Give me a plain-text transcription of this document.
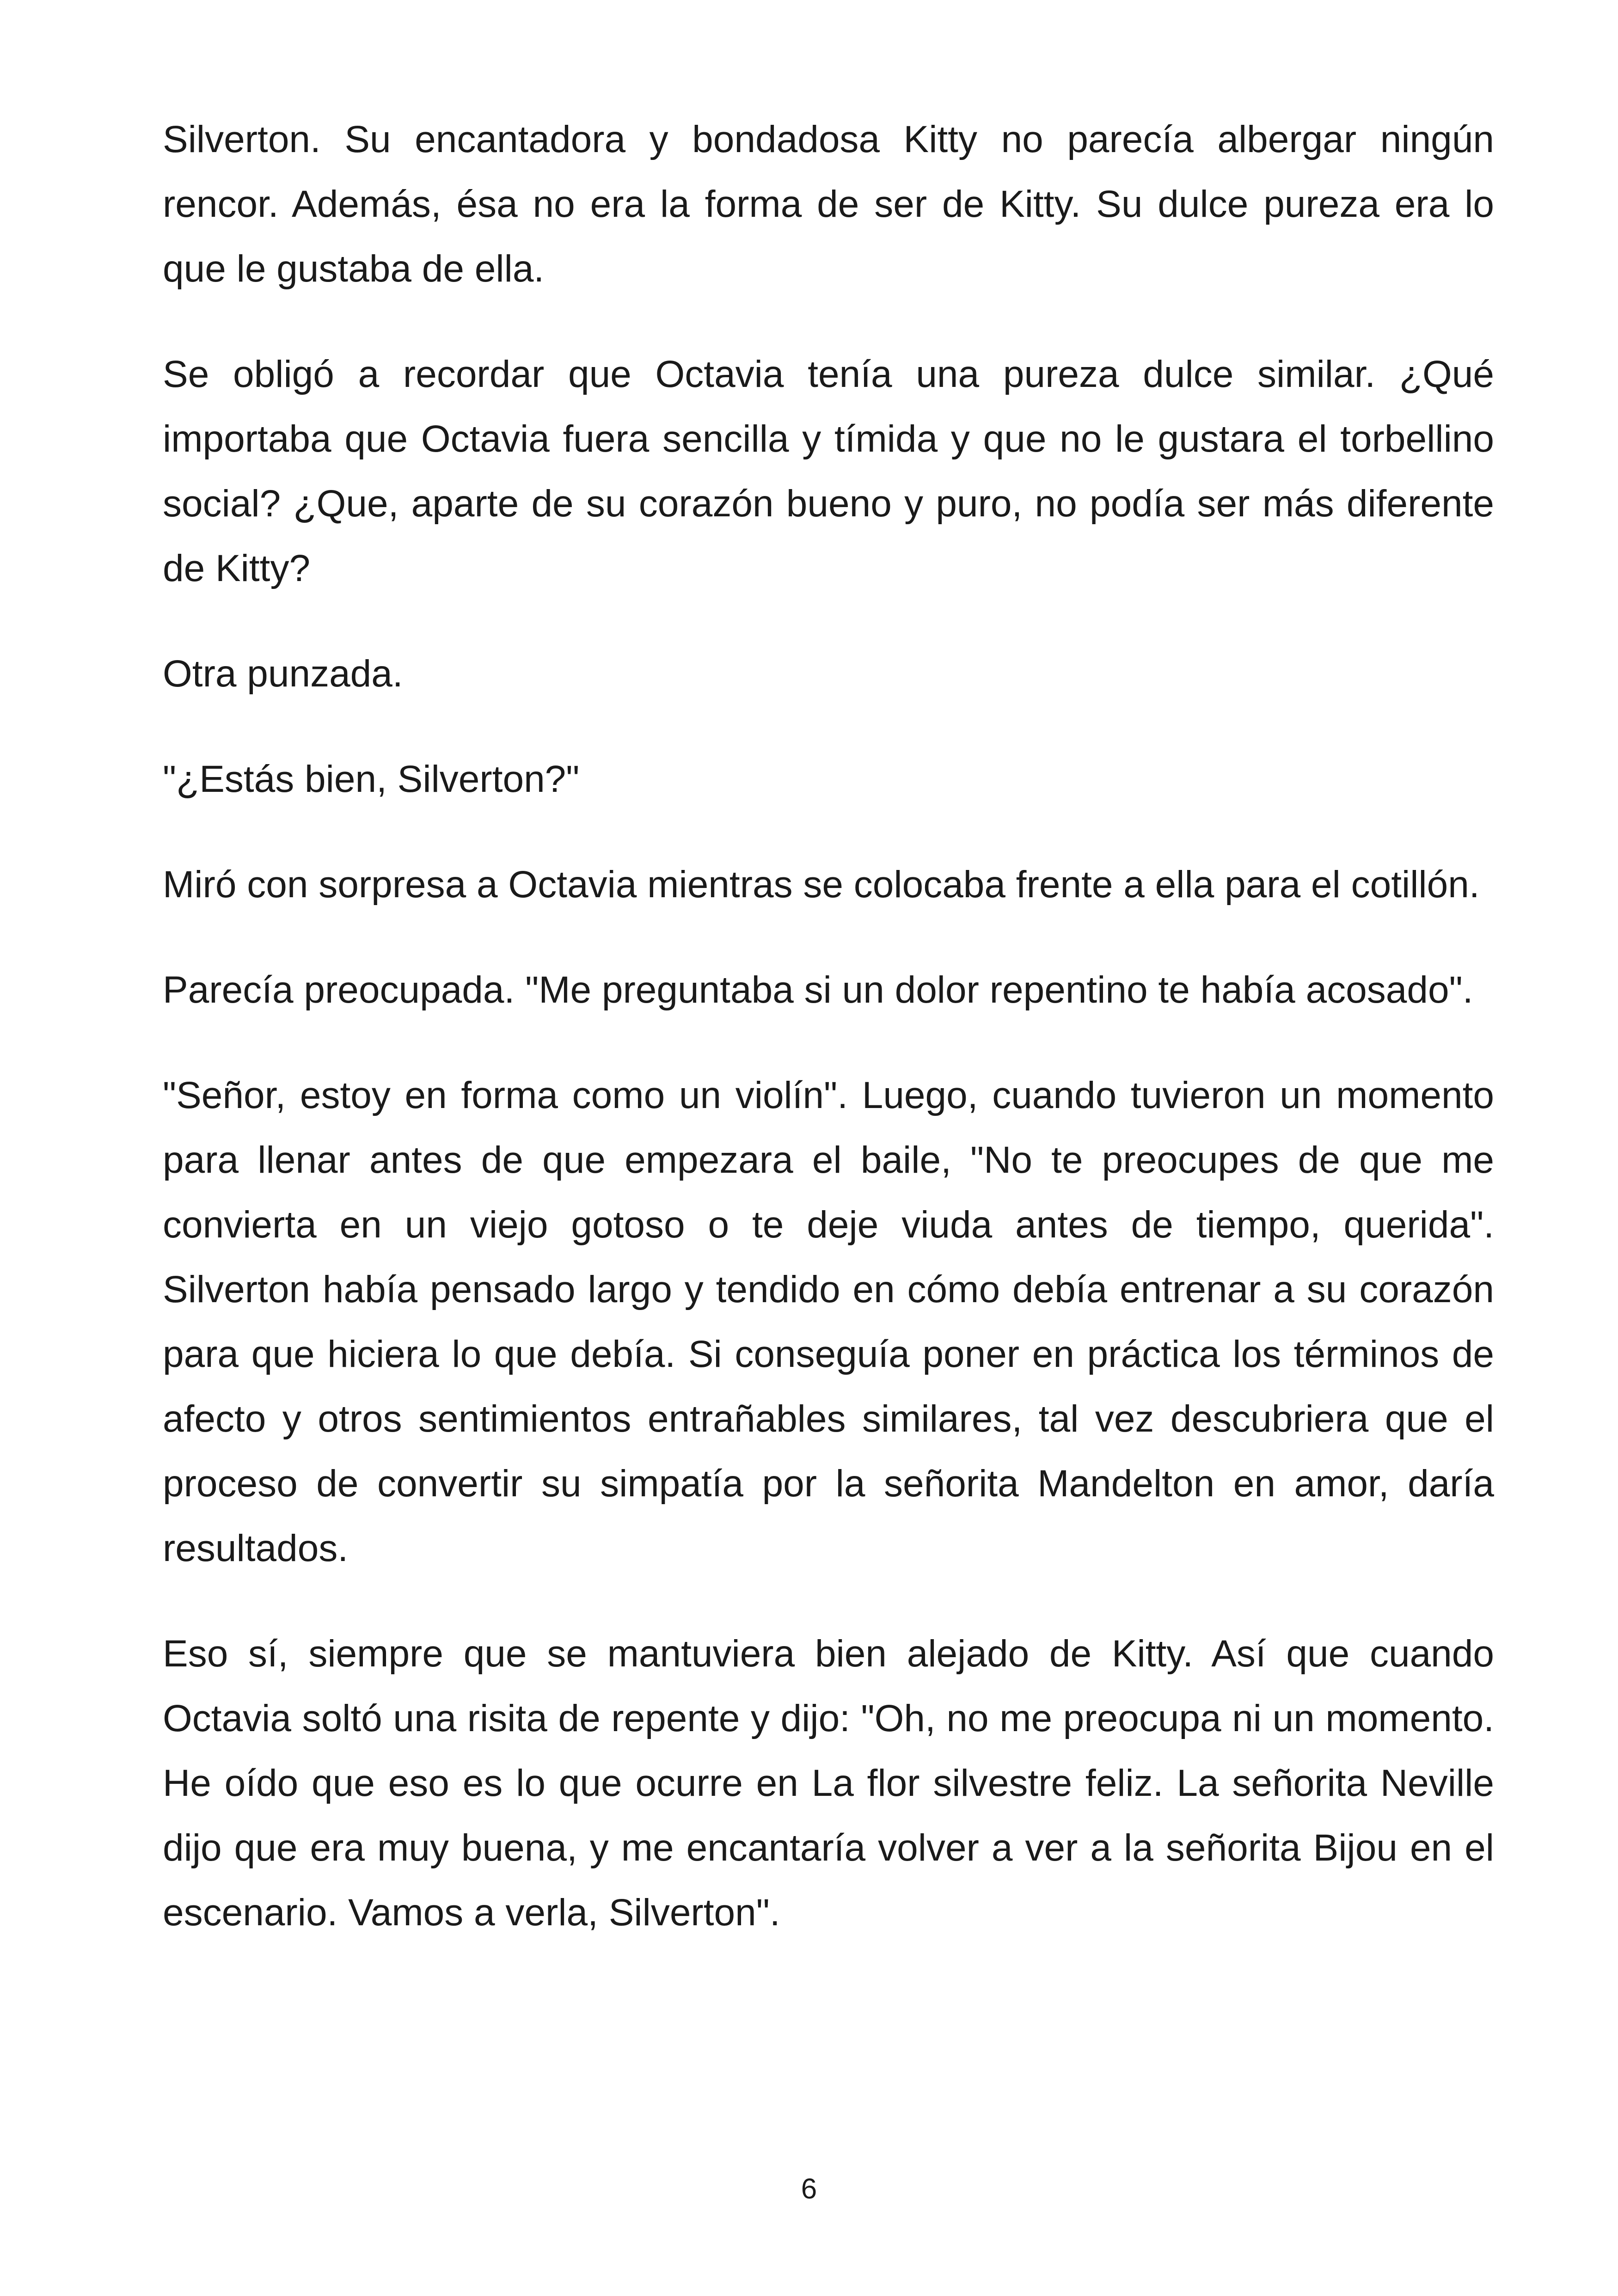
Silverton. Su encantadora y bondadosa Kitty no parecía albergar ningún rencor. Además, ésa no era la forma de ser de Kitty. Su dulce pureza era lo que le gustaba de ella.

Se obligó a recordar que Octavia tenía una pureza dulce similar. ¿Qué importaba que Octavia fuera sencilla y tímida y que no le gustara el torbellino social? ¿Que, aparte de su corazón bueno y puro, no podía ser más diferente de Kitty?

Otra punzada.

"¿Estás bien, Silverton?"

Miró con sorpresa a Octavia mientras se colocaba frente a ella para el cotillón.

Parecía preocupada. "Me preguntaba si un dolor repentino te había acosado".

"Señor, estoy en forma como un violín". Luego, cuando tuvieron un momento para llenar antes de que empezara el baile, "No te preocupes de que me convierta en un viejo gotoso o te deje viuda antes de tiempo, querida". Silverton había pensado largo y tendido en cómo debía entrenar a su corazón para que hiciera lo que debía. Si conseguía poner en práctica los términos de afecto y otros sentimientos entrañables similares, tal vez descubriera que el proceso de convertir su simpatía por la señorita Mandelton en amor, daría resultados.

Eso sí, siempre que se mantuviera bien alejado de Kitty. Así que cuando Octavia soltó una risita de repente y dijo: "Oh, no me preocupa ni un momento. He oído que eso es lo que ocurre en La flor silvestre feliz. La señorita Neville dijo que era muy buena, y me encantaría volver a ver a la señorita Bijou en el escenario. Vamos a verla, Silverton".

6
